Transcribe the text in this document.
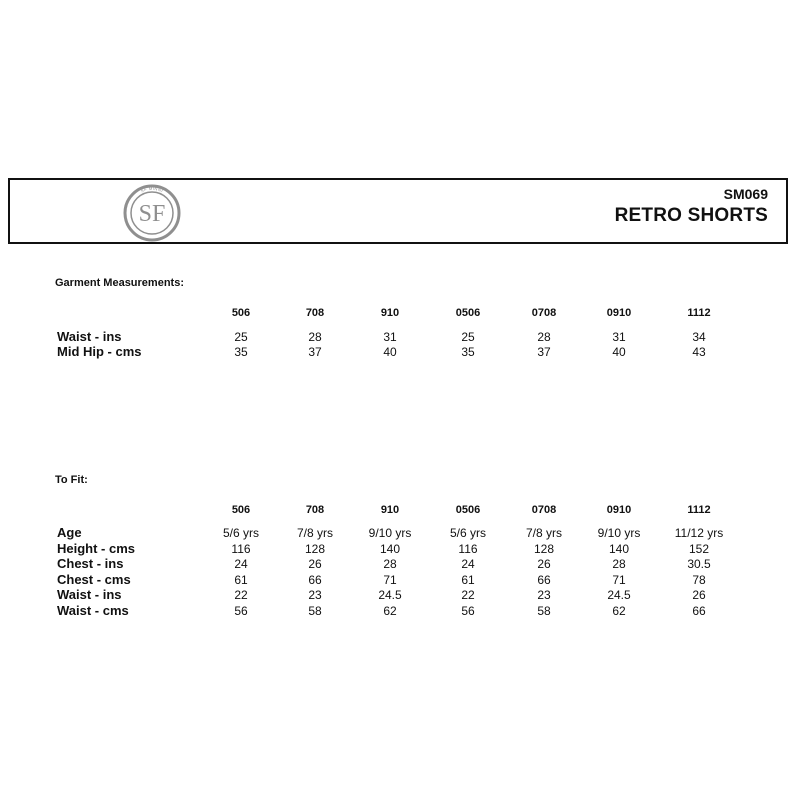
SF MINNI
SF
SM069
RETRO SHORTS
Garment Measurements:
506	708	910	0506	0708	0910	1112
Waist - ins	25	28	31	25	28	31	34
Mid Hip - cms	35	37	40	35	37	40	43
To Fit:
506	708	910	0506	0708	0910	1112
Age	5/6 yrs	7/8 yrs	9/10 yrs	5/6 yrs	7/8 yrs	9/10 yrs	11/12 yrs
Height - cms	116	128	140	116	128	140	152
Chest - ins	24	26	28	24	26	28	30.5
Chest - cms	61	66	71	61	66	71	78
Waist - ins	22	23	24.5	22	23	24.5	26
Waist - cms	56	58	62	56	58	62	66
